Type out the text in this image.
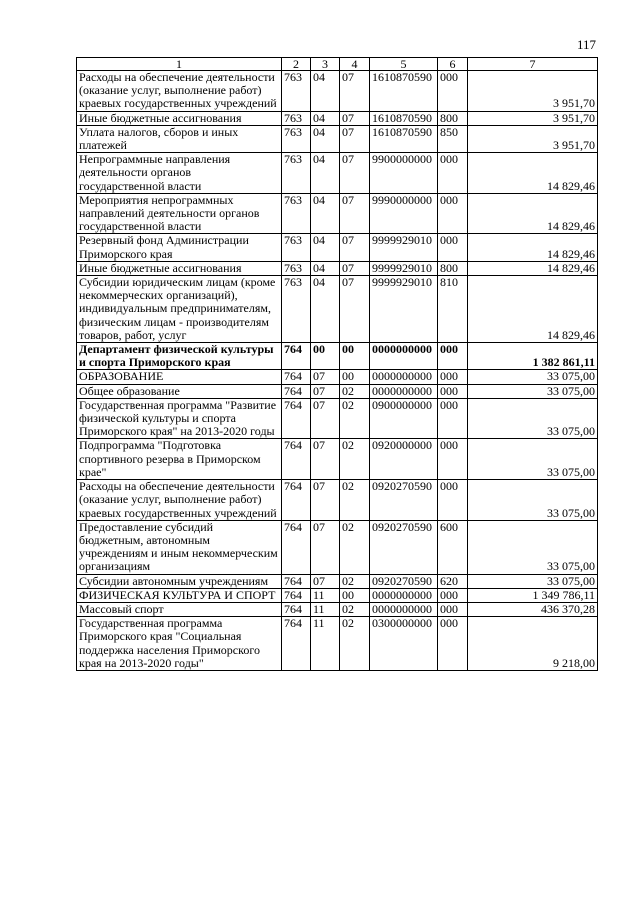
117
1	2	3	4	5	6	7
Расходы на обеспечение деятельности (оказание услуг, выполнение работ) краевых государственных учреждений	763	04	07	1610870590	000	3 951,70
Иные бюджетные ассигнования	763	04	07	1610870590	800	3 951,70
Уплата налогов, сборов и иных платежей	763	04	07	1610870590	850	3 951,70
Непрограммные направления деятельности органов государственной власти	763	04	07	9900000000	000	14 829,46
Мероприятия непрограммных направлений деятельности органов государственной власти	763	04	07	9990000000	000	14 829,46
Резервный фонд Администрации Приморского края	763	04	07	9999929010	000	14 829,46
Иные бюджетные ассигнования	763	04	07	9999929010	800	14 829,46
Субсидии юридическим лицам (кроме некоммерческих организаций), индивидуальным предпринимателям, физическим лицам - производителям товаров, работ, услуг	763	04	07	9999929010	810	14 829,46
Департамент физической культуры и спорта Приморского края	764	00	00	0000000000	000	1 382 861,11
ОБРАЗОВАНИЕ	764	07	00	0000000000	000	33 075,00
Общее образование	764	07	02	0000000000	000	33 075,00
Государственная программа "Развитие физической культуры и спорта Приморского края" на 2013-2020 годы	764	07	02	0900000000	000	33 075,00
Подпрограмма "Подготовка спортивного резерва в Приморском крае"	764	07	02	0920000000	000	33 075,00
Расходы на обеспечение деятельности (оказание услуг, выполнение работ) краевых государственных учреждений	764	07	02	0920270590	000	33 075,00
Предоставление субсидий бюджетным, автономным учреждениям и иным некоммерческим организациям	764	07	02	0920270590	600	33 075,00
Субсидии автономным учреждениям	764	07	02	0920270590	620	33 075,00
ФИЗИЧЕСКАЯ КУЛЬТУРА И СПОРТ	764	11	00	0000000000	000	1 349 786,11
Массовый спорт	764	11	02	0000000000	000	436 370,28
Государственная программа Приморского края "Социальная поддержка населения Приморского края на 2013-2020 годы"	764	11	02	0300000000	000	9 218,00
